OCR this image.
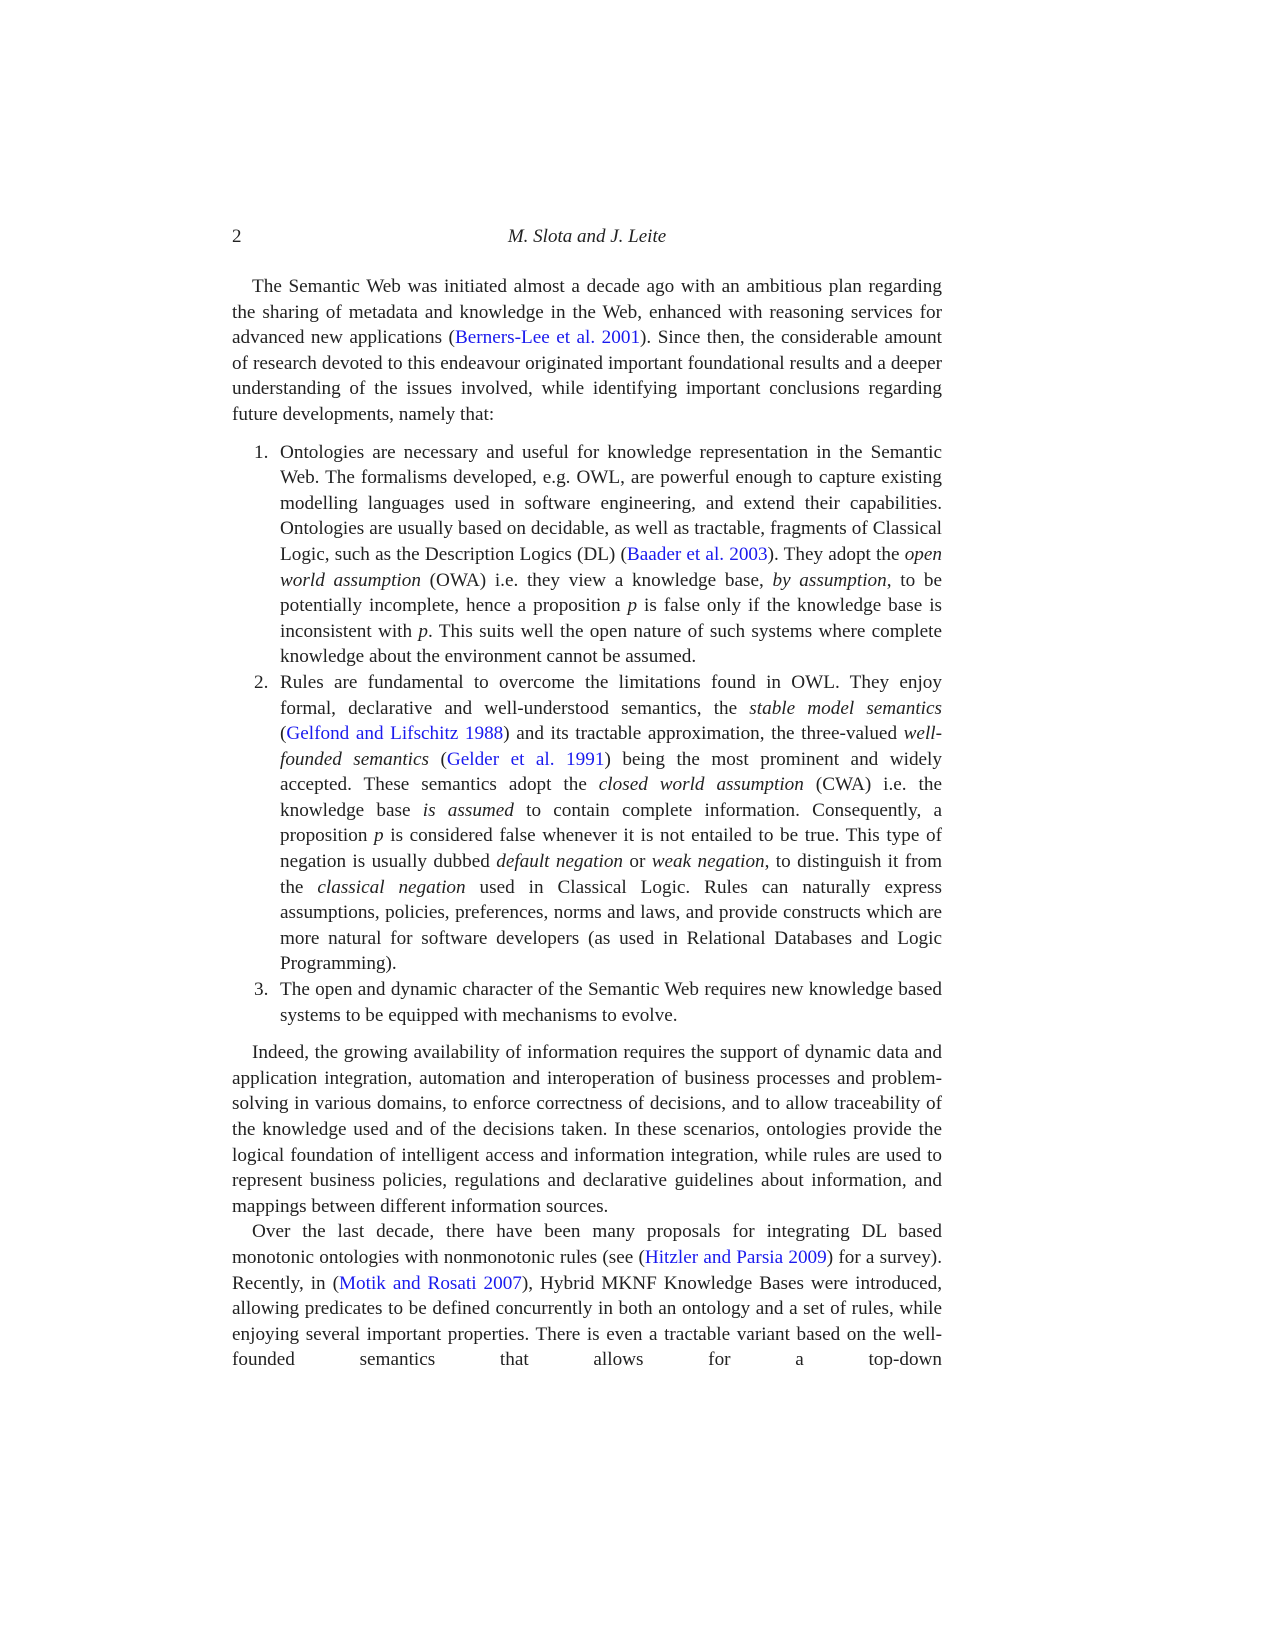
2	M. Slota and J. Leite

The Semantic Web was initiated almost a decade ago with an ambitious plan regarding the sharing of metadata and knowledge in the Web, enhanced with reasoning services for advanced new applications (Berners-Lee et al. 2001). Since then, the considerable amount of research devoted to this endeavour originated important foundational results and a deeper understanding of the issues involved, while identifying important conclusions regarding future developments, namely that:

1. Ontologies are necessary and useful for knowledge representation in the Semantic Web. The formalisms developed, e.g. OWL, are powerful enough to capture existing modelling languages used in software engineering, and extend their capabilities. Ontologies are usually based on decidable, as well as tractable, fragments of Classical Logic, such as the Description Logics (DL) (Baader et al. 2003). They adopt the open world assumption (OWA) i.e. they view a knowledge base, by assumption, to be potentially incomplete, hence a proposition p is false only if the knowledge base is inconsistent with p. This suits well the open nature of such systems where complete knowledge about the environment cannot be assumed.
2. Rules are fundamental to overcome the limitations found in OWL. They enjoy formal, declarative and well-understood semantics, the stable model semantics (Gelfond and Lifschitz 1988) and its tractable approximation, the three-valued well-founded semantics (Gelder et al. 1991) being the most prominent and widely accepted. These semantics adopt the closed world assumption (CWA) i.e. the knowledge base is assumed to contain complete information. Consequently, a proposition p is considered false whenever it is not entailed to be true. This type of negation is usually dubbed default negation or weak negation, to distinguish it from the classical negation used in Classical Logic. Rules can naturally express assumptions, policies, preferences, norms and laws, and provide constructs which are more natural for software developers (as used in Relational Databases and Logic Programming).
3. The open and dynamic character of the Semantic Web requires new knowledge based systems to be equipped with mechanisms to evolve.

Indeed, the growing availability of information requires the support of dynamic data and application integration, automation and interoperation of business processes and problem-solving in various domains, to enforce correctness of decisions, and to allow traceability of the knowledge used and of the decisions taken. In these scenarios, ontologies provide the logical foundation of intelligent access and information integration, while rules are used to represent business policies, regulations and declarative guidelines about information, and mappings between different information sources.

Over the last decade, there have been many proposals for integrating DL based monotonic ontologies with nonmonotonic rules (see (Hitzler and Parsia 2009) for a survey). Recently, in (Motik and Rosati 2007), Hybrid MKNF Knowledge Bases were introduced, allowing predicates to be defined concurrently in both an ontology and a set of rules, while enjoying several important properties. There is even a tractable variant based on the well-founded semantics that allows for a top-down
